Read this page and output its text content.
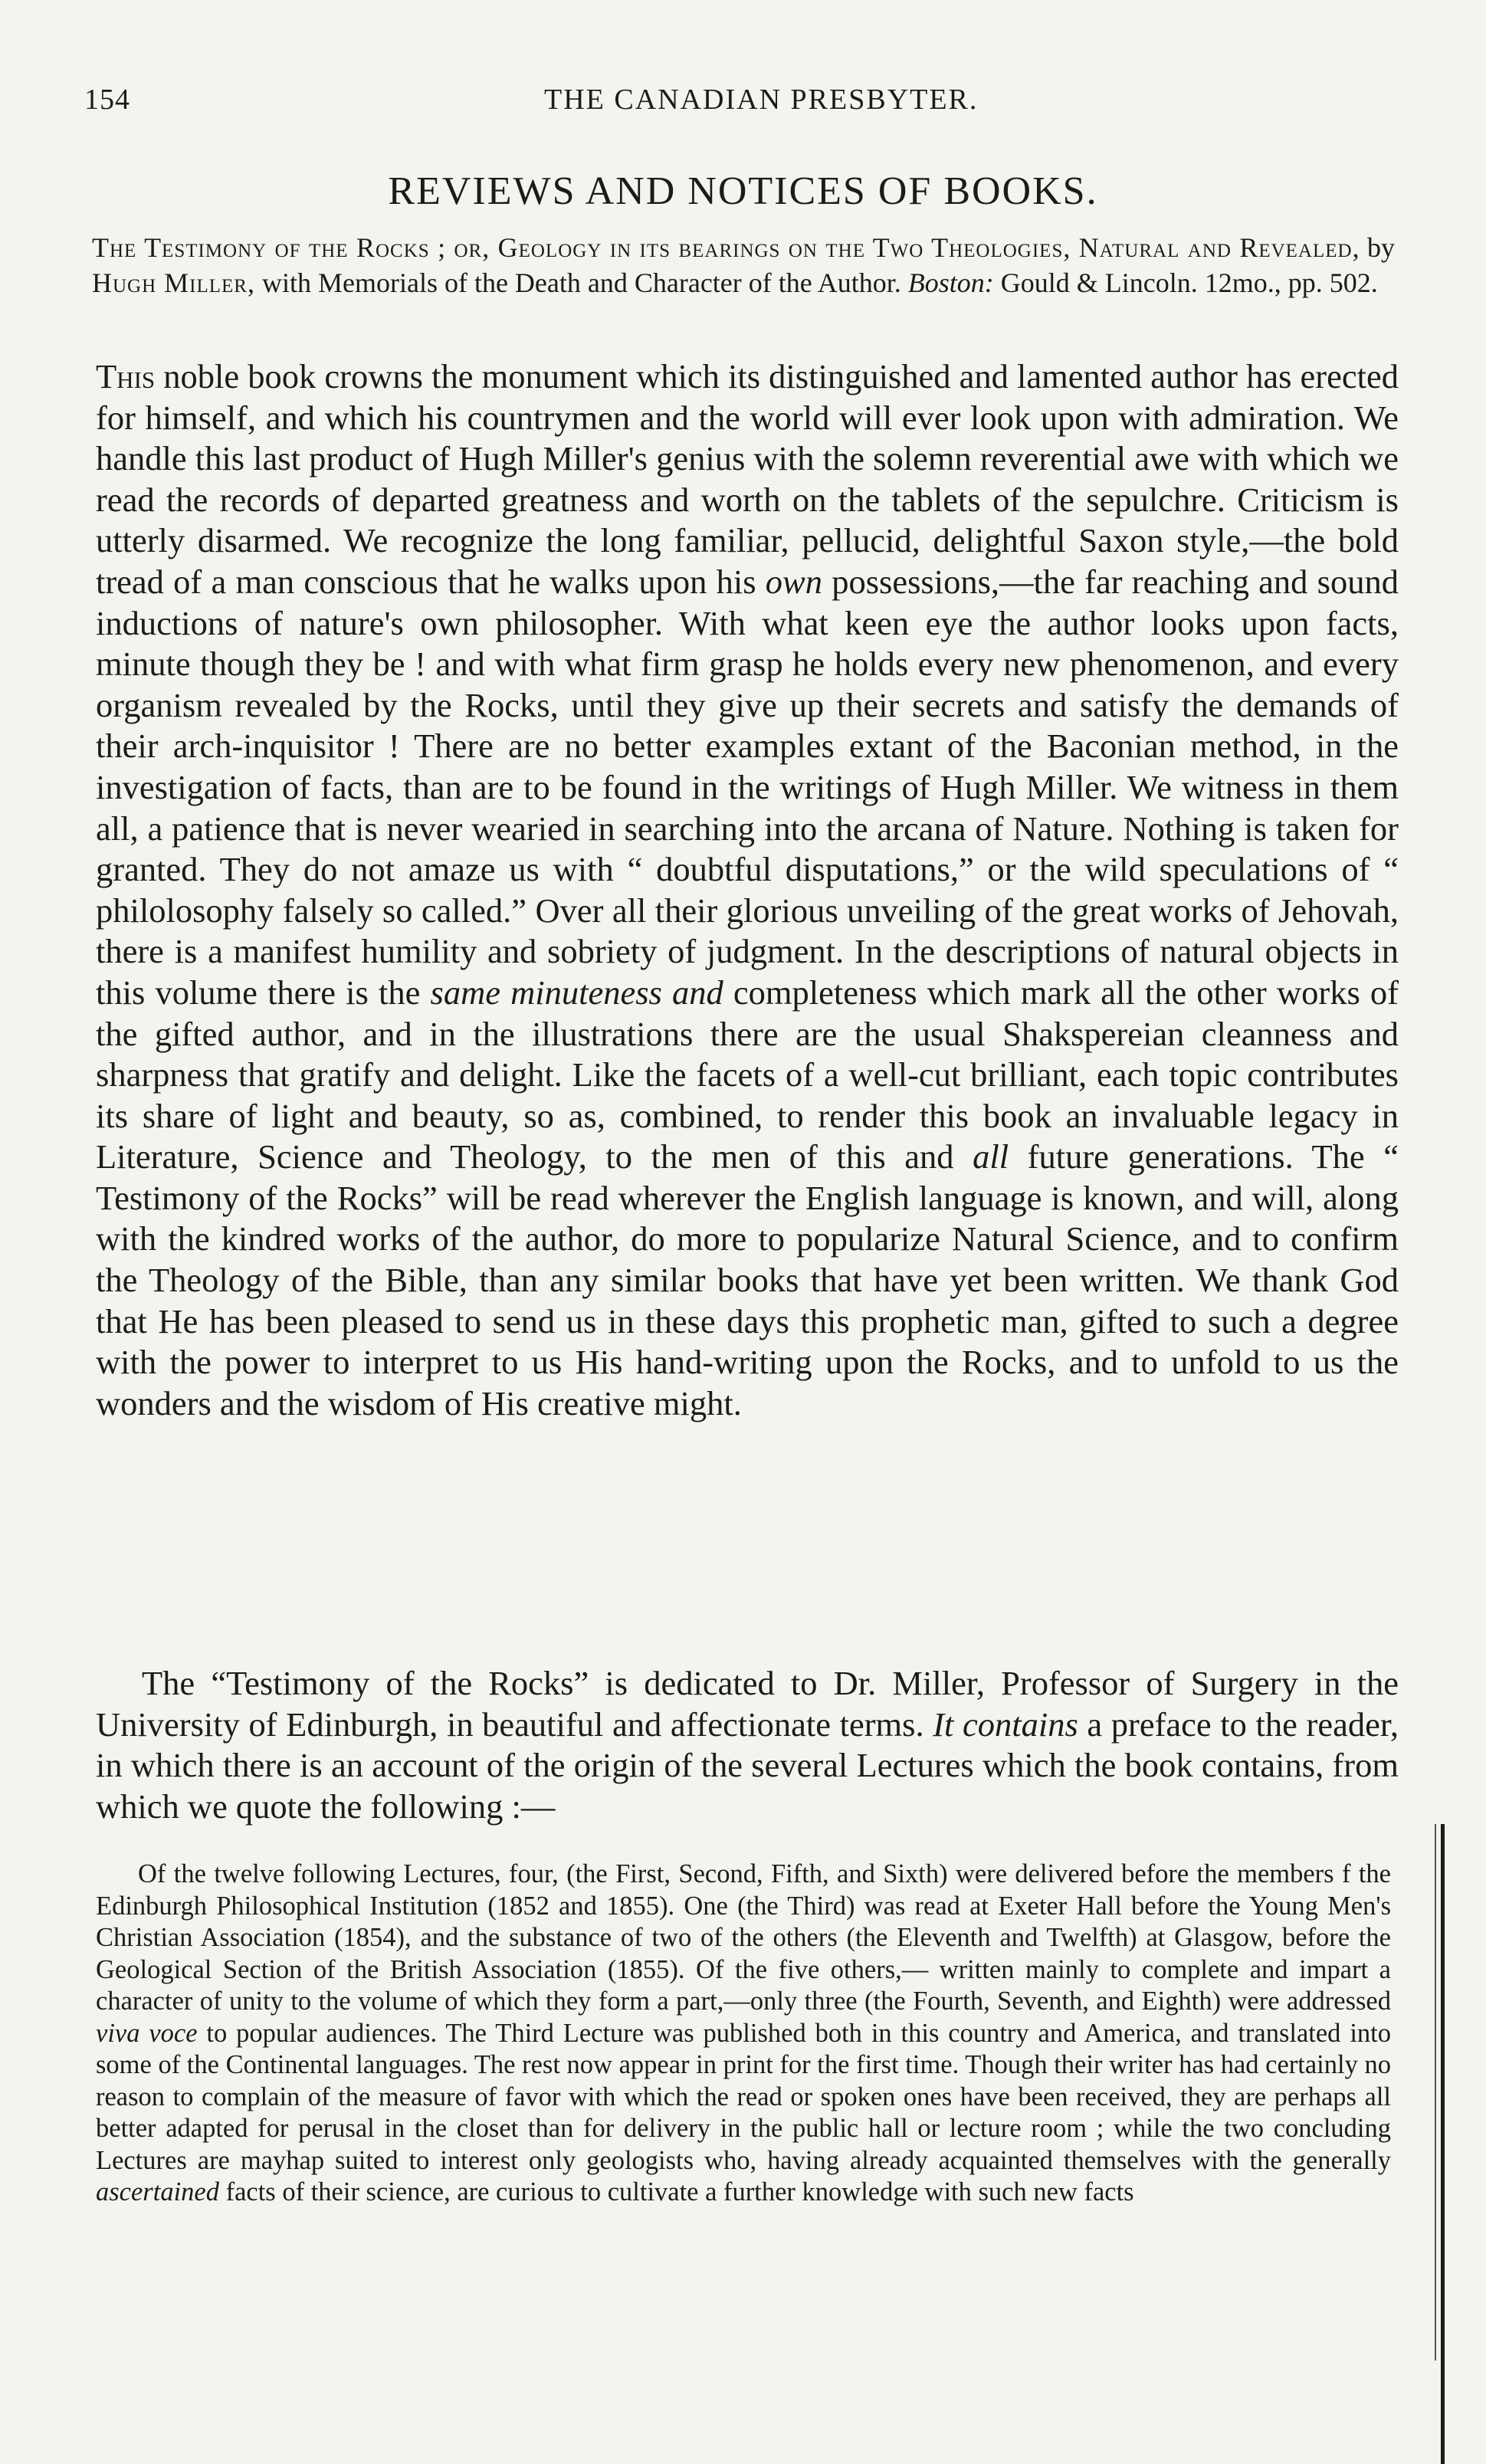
154	THE CANADIAN PRESBYTER.
REVIEWS AND NOTICES OF BOOKS.
The Testimony of the Rocks ; or, Geology in its bearings on the Two Theologies, Natural and Revealed, by Hugh Miller, with Memorials of the Death and Character of the Author. Boston: Gould & Lincoln. 12mo., pp. 502.

This noble book crowns the monument which its distinguished and lamented author has erected for himself, and which his countrymen and the world will ever look upon with admiration. We handle this last product of Hugh Miller's genius with the solemn reverential awe with which we read the records of departed greatness and worth on the tablets of the sepulchre. Criticism is utterly disarmed. We recognize the long familiar, pellucid, delightful Saxon style,—the bold tread of a man conscious that he walks upon his own possessions,—the far reaching and sound inductions of nature's own philosopher. With what keen eye the author looks upon facts, minute though they be ! and with what firm grasp he holds every new phenomenon, and every organism revealed by the Rocks, until they give up their secrets and satisfy the demands of their arch-inquisitor ! There are no better examples extant of the Baconian method, in the investigation of facts, than are to be found in the writings of Hugh Miller. We witness in them all, a patience that is never wearied in searching into the arcana of Nature. Nothing is taken for granted. They do not amaze us with “ doubtful disputations,” or the wild speculations of “ philolosophy falsely so called.” Over all their glorious unveiling of the great works of Jehovah, there is a manifest humility and sobriety of judgment. In the descriptions of natural objects in this volume there is the same minuteness and completeness which mark all the other works of the gifted author, and in the illustrations there are the usual Shakspereian cleanness and sharpness that gratify and delight. Like the facets of a well-cut brilliant, each topic contributes its share of light and beauty, so as, combined, to render this book an invaluable legacy in Literature, Science and Theology, to the men of this and all future generations. The “ Testimony of the Rocks” will be read wherever the English language is known, and will, along with the kindred works of the author, do more to popularize Natural Science, and to confirm the Theology of the Bible, than any similar books that have yet been written. We thank God that He has been pleased to send us in these days this prophetic man, gifted to such a degree with the power to interpret to us His hand-writing upon the Rocks, and to unfold to us the wonders and the wisdom of His creative might.

The “Testimony of the Rocks” is dedicated to Dr. Miller, Professor of Surgery in the University of Edinburgh, in beautiful and affectionate terms. It contains a preface to the reader, in which there is an account of the origin of the several Lectures which the book contains, from which we quote the following :—

Of the twelve following Lectures, four, (the First, Second, Fifth, and Sixth) were delivered before the members f the Edinburgh Philosophical Institution (1852 and 1855). One (the Third) was read at Exeter Hall before the Young Men's Christian Association (1854), and the substance of two of the others (the Eleventh and Twelfth) at Glasgow, before the Geological Section of the British Association (1855). Of the five others,— written mainly to complete and impart a character of unity to the volume of which they form a part,—only three (the Fourth, Seventh, and Eighth) were addressed viva voce to popular audiences. The Third Lecture was published both in this country and America, and translated into some of the Continental languages. The rest now appear in print for the first time. Though their writer has had certainly no reason to complain of the measure of favor with which the read or spoken ones have been received, they are perhaps all better adapted for perusal in the closet than for delivery in the public hall or lecture room ; while the two concluding Lectures are mayhap suited to interest only geologists who, having already acquainted themselves with the generally ascertained facts of their science, are curious to cultivate a further knowledge with such new facts
